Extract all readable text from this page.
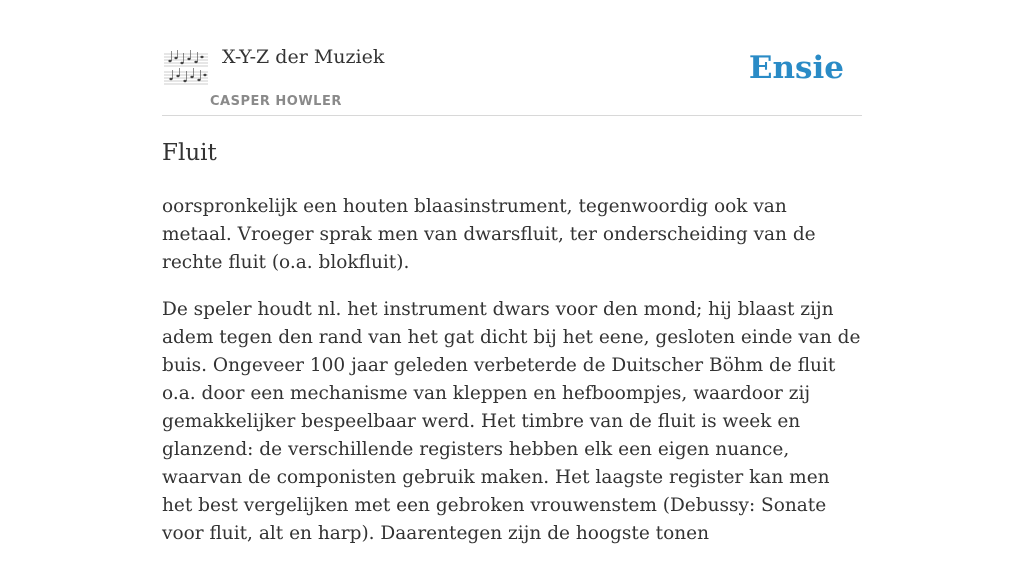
X-Y-Z der Muziek
CASPER HOWLER
Ensie
Fluit

oorspronkelijk een houten blaasinstrument, tegenwoordig ook van metaal. Vroeger sprak men van dwarsfluit, ter onderscheiding van de rechte fluit (o.a. blokfluit).

De speler houdt nl. het instrument dwars voor den mond; hij blaast zijn adem tegen den rand van het gat dicht bij het eene, gesloten einde van de buis. Ongeveer 100 jaar geleden verbeterde de Duitscher Böhm de fluit o.a. door een mechanisme van kleppen en hefboompjes, waardoor zij gemakkelijker bespeelbaar werd. Het timbre van de fluit is week en glanzend: de verschillende registers hebben elk een eigen nuance, waarvan de componisten gebruik maken. Het laagste register kan men het best vergelijken met een gebroken vrouwenstem (Debussy: Sonate voor fluit, alt en harp). Daarentegen zijn de hoogste tonen
